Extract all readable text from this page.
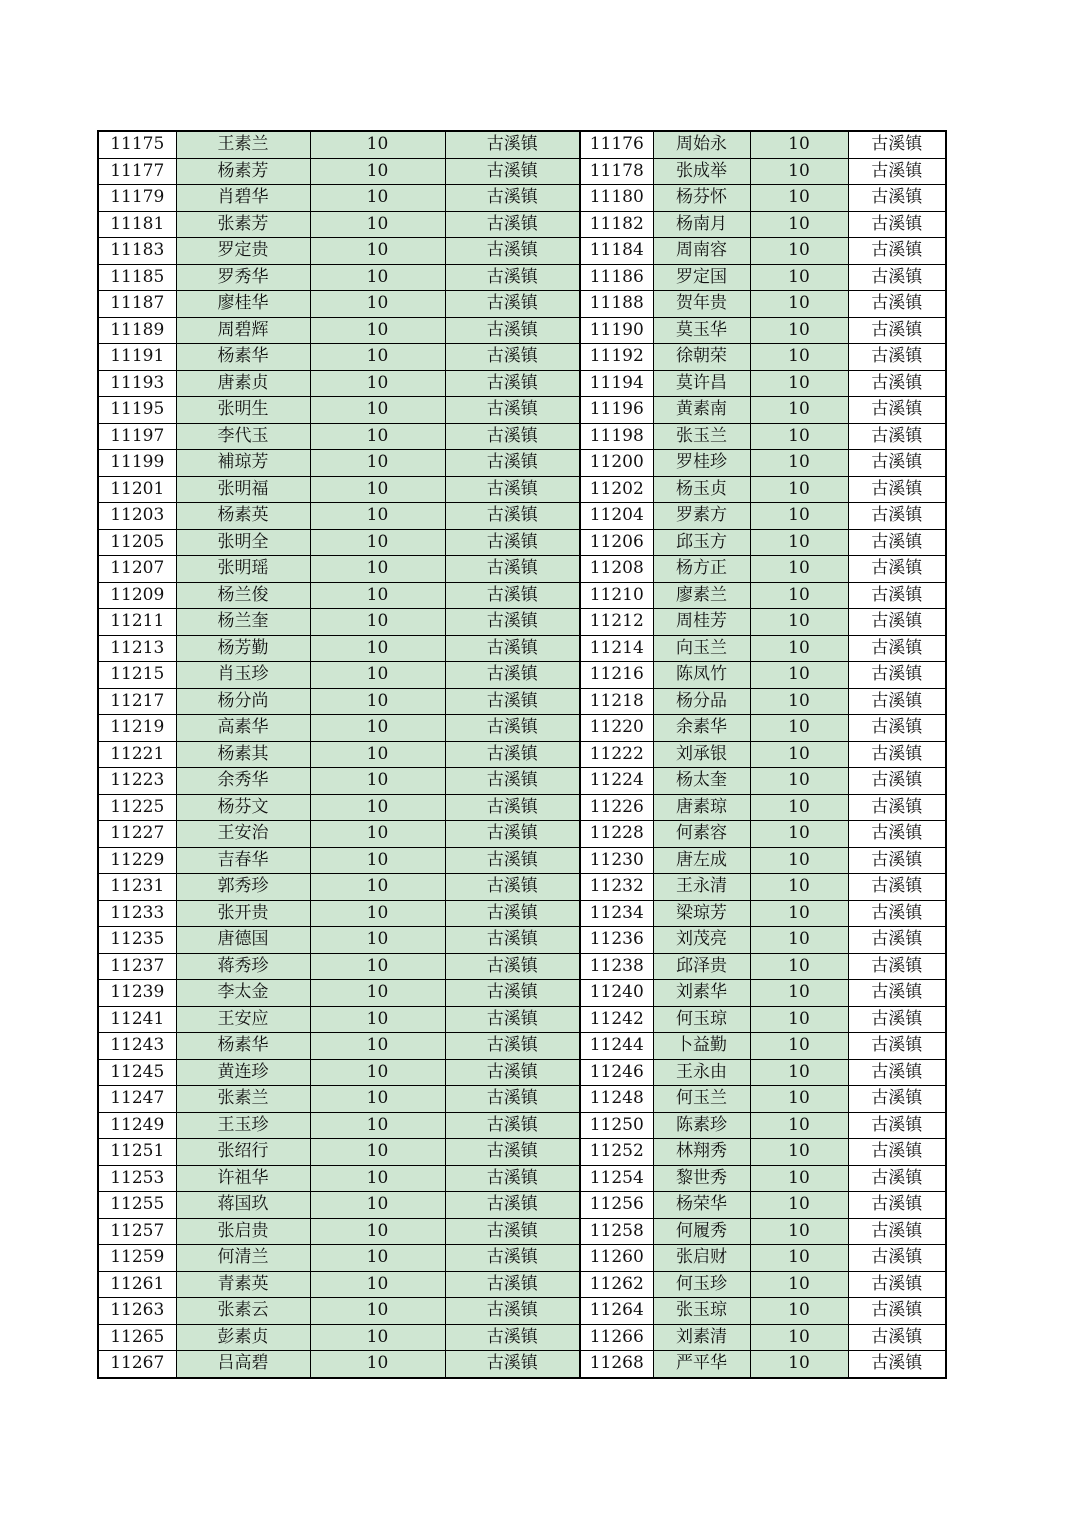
11175	王素兰	10	古溪镇	11176	周始永	10	古溪镇
11177	杨素芳	10	古溪镇	11178	张成举	10	古溪镇
11179	肖碧华	10	古溪镇	11180	杨芬怀	10	古溪镇
11181	张素芳	10	古溪镇	11182	杨南月	10	古溪镇
11183	罗定贵	10	古溪镇	11184	周南容	10	古溪镇
11185	罗秀华	10	古溪镇	11186	罗定国	10	古溪镇
11187	廖桂华	10	古溪镇	11188	贺年贵	10	古溪镇
11189	周碧辉	10	古溪镇	11190	莫玉华	10	古溪镇
11191	杨素华	10	古溪镇	11192	徐朝荣	10	古溪镇
11193	唐素贞	10	古溪镇	11194	莫许昌	10	古溪镇
11195	张明生	10	古溪镇	11196	黄素南	10	古溪镇
11197	李代玉	10	古溪镇	11198	张玉兰	10	古溪镇
11199	補琼芳	10	古溪镇	11200	罗桂珍	10	古溪镇
11201	张明福	10	古溪镇	11202	杨玉贞	10	古溪镇
11203	杨素英	10	古溪镇	11204	罗素方	10	古溪镇
11205	张明全	10	古溪镇	11206	邱玉方	10	古溪镇
11207	张明瑶	10	古溪镇	11208	杨方正	10	古溪镇
11209	杨兰俊	10	古溪镇	11210	廖素兰	10	古溪镇
11211	杨兰奎	10	古溪镇	11212	周桂芳	10	古溪镇
11213	杨芳勤	10	古溪镇	11214	向玉兰	10	古溪镇
11215	肖玉珍	10	古溪镇	11216	陈凤竹	10	古溪镇
11217	杨分尚	10	古溪镇	11218	杨分品	10	古溪镇
11219	高素华	10	古溪镇	11220	余素华	10	古溪镇
11221	杨素其	10	古溪镇	11222	刘承银	10	古溪镇
11223	余秀华	10	古溪镇	11224	杨太奎	10	古溪镇
11225	杨芬文	10	古溪镇	11226	唐素琼	10	古溪镇
11227	王安治	10	古溪镇	11228	何素容	10	古溪镇
11229	吉春华	10	古溪镇	11230	唐左成	10	古溪镇
11231	郭秀珍	10	古溪镇	11232	王永清	10	古溪镇
11233	张开贵	10	古溪镇	11234	梁琼芳	10	古溪镇
11235	唐德国	10	古溪镇	11236	刘茂亮	10	古溪镇
11237	蒋秀珍	10	古溪镇	11238	邱泽贵	10	古溪镇
11239	李太金	10	古溪镇	11240	刘素华	10	古溪镇
11241	王安应	10	古溪镇	11242	何玉琼	10	古溪镇
11243	杨素华	10	古溪镇	11244	卜益勤	10	古溪镇
11245	黄连珍	10	古溪镇	11246	王永由	10	古溪镇
11247	张素兰	10	古溪镇	11248	何玉兰	10	古溪镇
11249	王玉珍	10	古溪镇	11250	陈素珍	10	古溪镇
11251	张绍行	10	古溪镇	11252	林翔秀	10	古溪镇
11253	许祖华	10	古溪镇	11254	黎世秀	10	古溪镇
11255	蒋国玖	10	古溪镇	11256	杨荣华	10	古溪镇
11257	张启贵	10	古溪镇	11258	何履秀	10	古溪镇
11259	何清兰	10	古溪镇	11260	张启财	10	古溪镇
11261	青素英	10	古溪镇	11262	何玉珍	10	古溪镇
11263	张素云	10	古溪镇	11264	张玉琼	10	古溪镇
11265	彭素贞	10	古溪镇	11266	刘素清	10	古溪镇
11267	吕高碧	10	古溪镇	11268	严平华	10	古溪镇
